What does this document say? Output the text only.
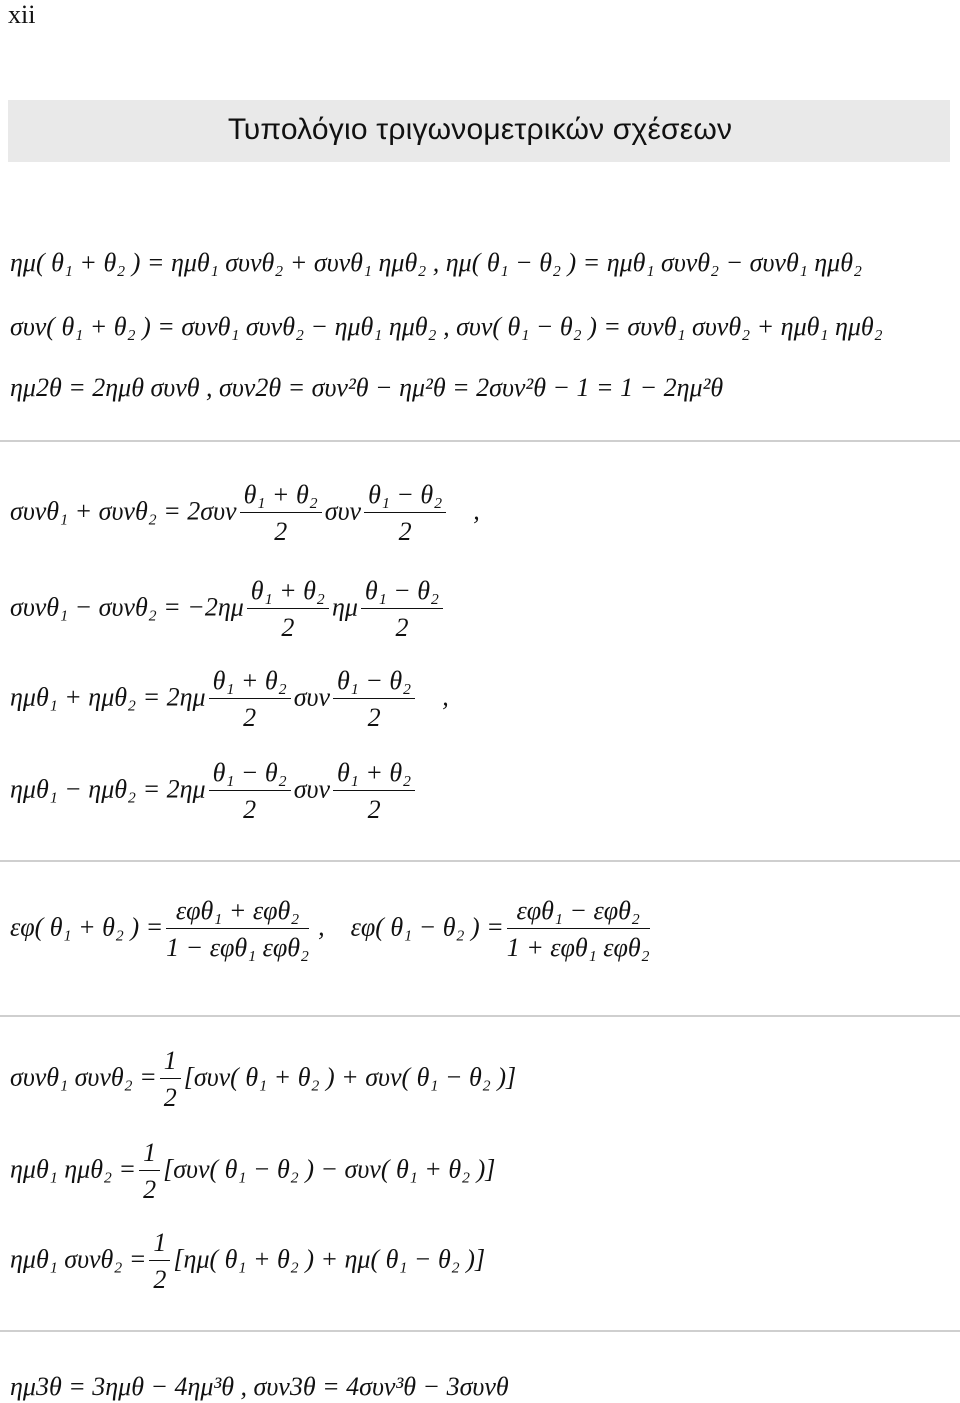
xii
Τυπολόγιο τριγωνομετρικών σχέσεων
ημ( θ₁ + θ₂ ) = ημθ₁ συνθ₂ + συνθ₁ ημθ₂ , ημ( θ₁ − θ₂ ) = ημθ₁ συνθ₂ − συνθ₁ ημθ₂
συν( θ₁ + θ₂ ) = συνθ₁ συνθ₂ − ημθ₁ ημθ₂ , συν( θ₁ − θ₂ ) = συνθ₁ συνθ₂ + ημθ₁ ημθ₂
ημ2θ = 2ημθ συνθ , συν2θ = συν²θ − ημ²θ = 2συν²θ − 1 = 1 − 2ημ²θ
$\sigma\upsilon\nu\theta_1 + \sigma\upsilon\nu\theta_2 = 2\sigma\upsilon\nu \frac{\text{θ₁ + θ₂}}{2}$ συν $\frac{\text{θ₁ − θ₂}}{2}$ ,
$\sigma\upsilon\nu\theta_1 - \sigma\upsilon\nu\theta_2 = -2\eta\mu \frac{\text{θ₁ + θ₂}}{2}$ ημ $\frac{\text{θ₁ − θ₂}}{2}$
$\eta\mu\theta_1 + \eta\mu\theta_2 = 2\eta\mu \frac{\text{θ₁ + θ₂}}{2}$ συν $\frac{\text{θ₁ − θ₂}}{2}$ ,
$\eta\mu\theta_1 - \eta\mu\theta_2 = 2\eta\mu \frac{\text{θ₁ − θ₂}}{2}$ συν $\frac{\text{θ₁ + θ₂}}{2}$
εφ( θ₁ + θ₂ ) = $\frac{\text{εφθ₁ + εφθ₂}}{\text{1 − εφθ₁ εφθ₂}}$ , εφ( θ₁ − θ₂ ) = $\frac{\text{εφθ₁ − εφθ₂}}{\text{1 + εφθ₁ εφθ₂}}$
συνθ₁ $\sigma\upsilon\nu\theta_2 = \frac{1}{2} [\sigma\upsilon\nu$( θ₁ + θ₂ ) + συν( θ₁ − θ₂ )]
ημθ₁ $\eta\mu\theta_2 = \frac{1}{2} [\sigma\upsilon\nu$( θ₁ − θ₂ ) − συν( θ₁ + θ₂ )]
ημθ₁ $\sigma\upsilon\nu\theta_2 = \frac{1}{2} [\eta\mu$( θ₁ + θ₂ ) + ημ( θ₁ − θ₂ )]
ημ3θ = 3ημθ − 4ημ³θ , συν3θ = 4συν³θ − 3συνθ
